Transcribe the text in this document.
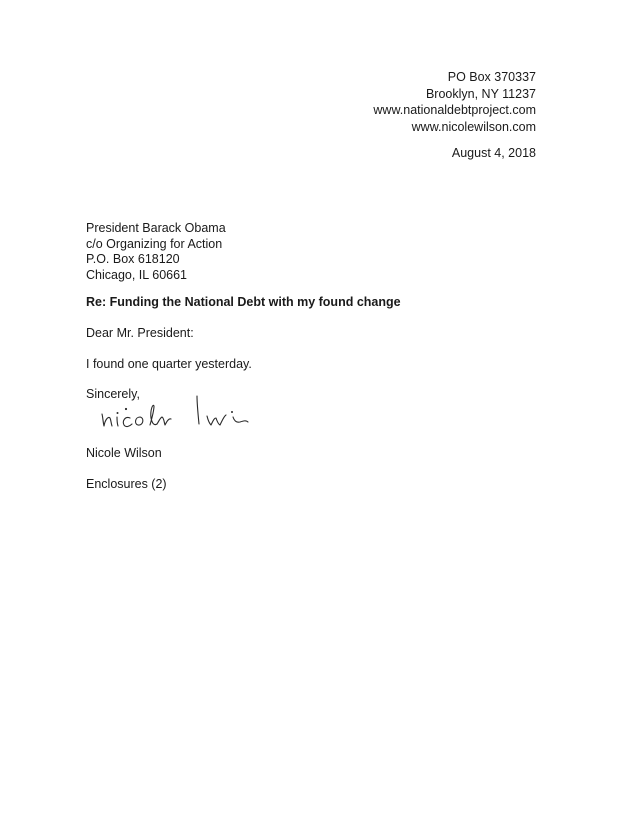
PO Box 370337
Brooklyn, NY 11237
www.nationaldebtproject.com
www.nicolewilson.com
August 4, 2018
President Barack Obama
c/o Organizing for Action
P.O. Box 618120
Chicago, IL 60661
Re: Funding the National Debt with my found change
Dear Mr. President:
I found one quarter yesterday.
Sincerely,
Nicole Wilson
Enclosures (2)
